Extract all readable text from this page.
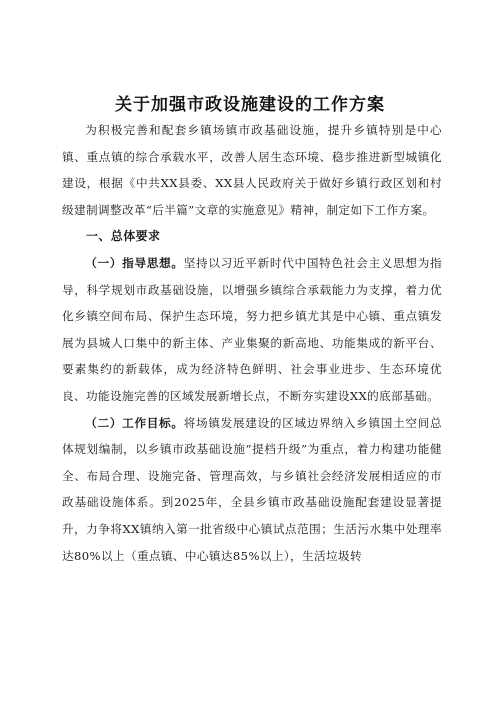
关于加强市政设施建设的工作方案

为积极完善和配套乡镇场镇市政基础设施，提升乡镇特别是中心镇、重点镇的综合承载水平，改善人居生态环境、稳步推进新型城镇化建设，根据《中共XX县委、XX县人民政府关于做好乡镇行政区划和村级建制调整改革“后半篇”文章的实施意见》精神，制定如下工作方案。

一、总体要求

（一）指导思想。坚持以习近平新时代中国特色社会主义思想为指导，科学规划市政基础设施，以增强乡镇综合承载能力为支撑，着力优化乡镇空间布局、保护生态环境，努力把乡镇尤其是中心镇、重点镇发展为县城人口集中的新主体、产业集聚的新高地、功能集成的新平台、要素集约的新载体，成为经济特色鲜明、社会事业进步、生态环境优良、功能设施完善的区域发展新增长点，不断夯实建设XX的底部基础。

（二）工作目标。将场镇发展建设的区域边界纳入乡镇国土空间总体规划编制，以乡镇市政基础设施“提档升级”为重点，着力构建功能健全、布局合理、设施完备、管理高效，与乡镇社会经济发展相适应的市政基础设施体系。到2025年，全县乡镇市政基础设施配套建设显著提升，力争将XX镇纳入第一批省级中心镇试点范围；生活污水集中处理率达80%以上（重点镇、中心镇达85%以上），生活垃圾转
